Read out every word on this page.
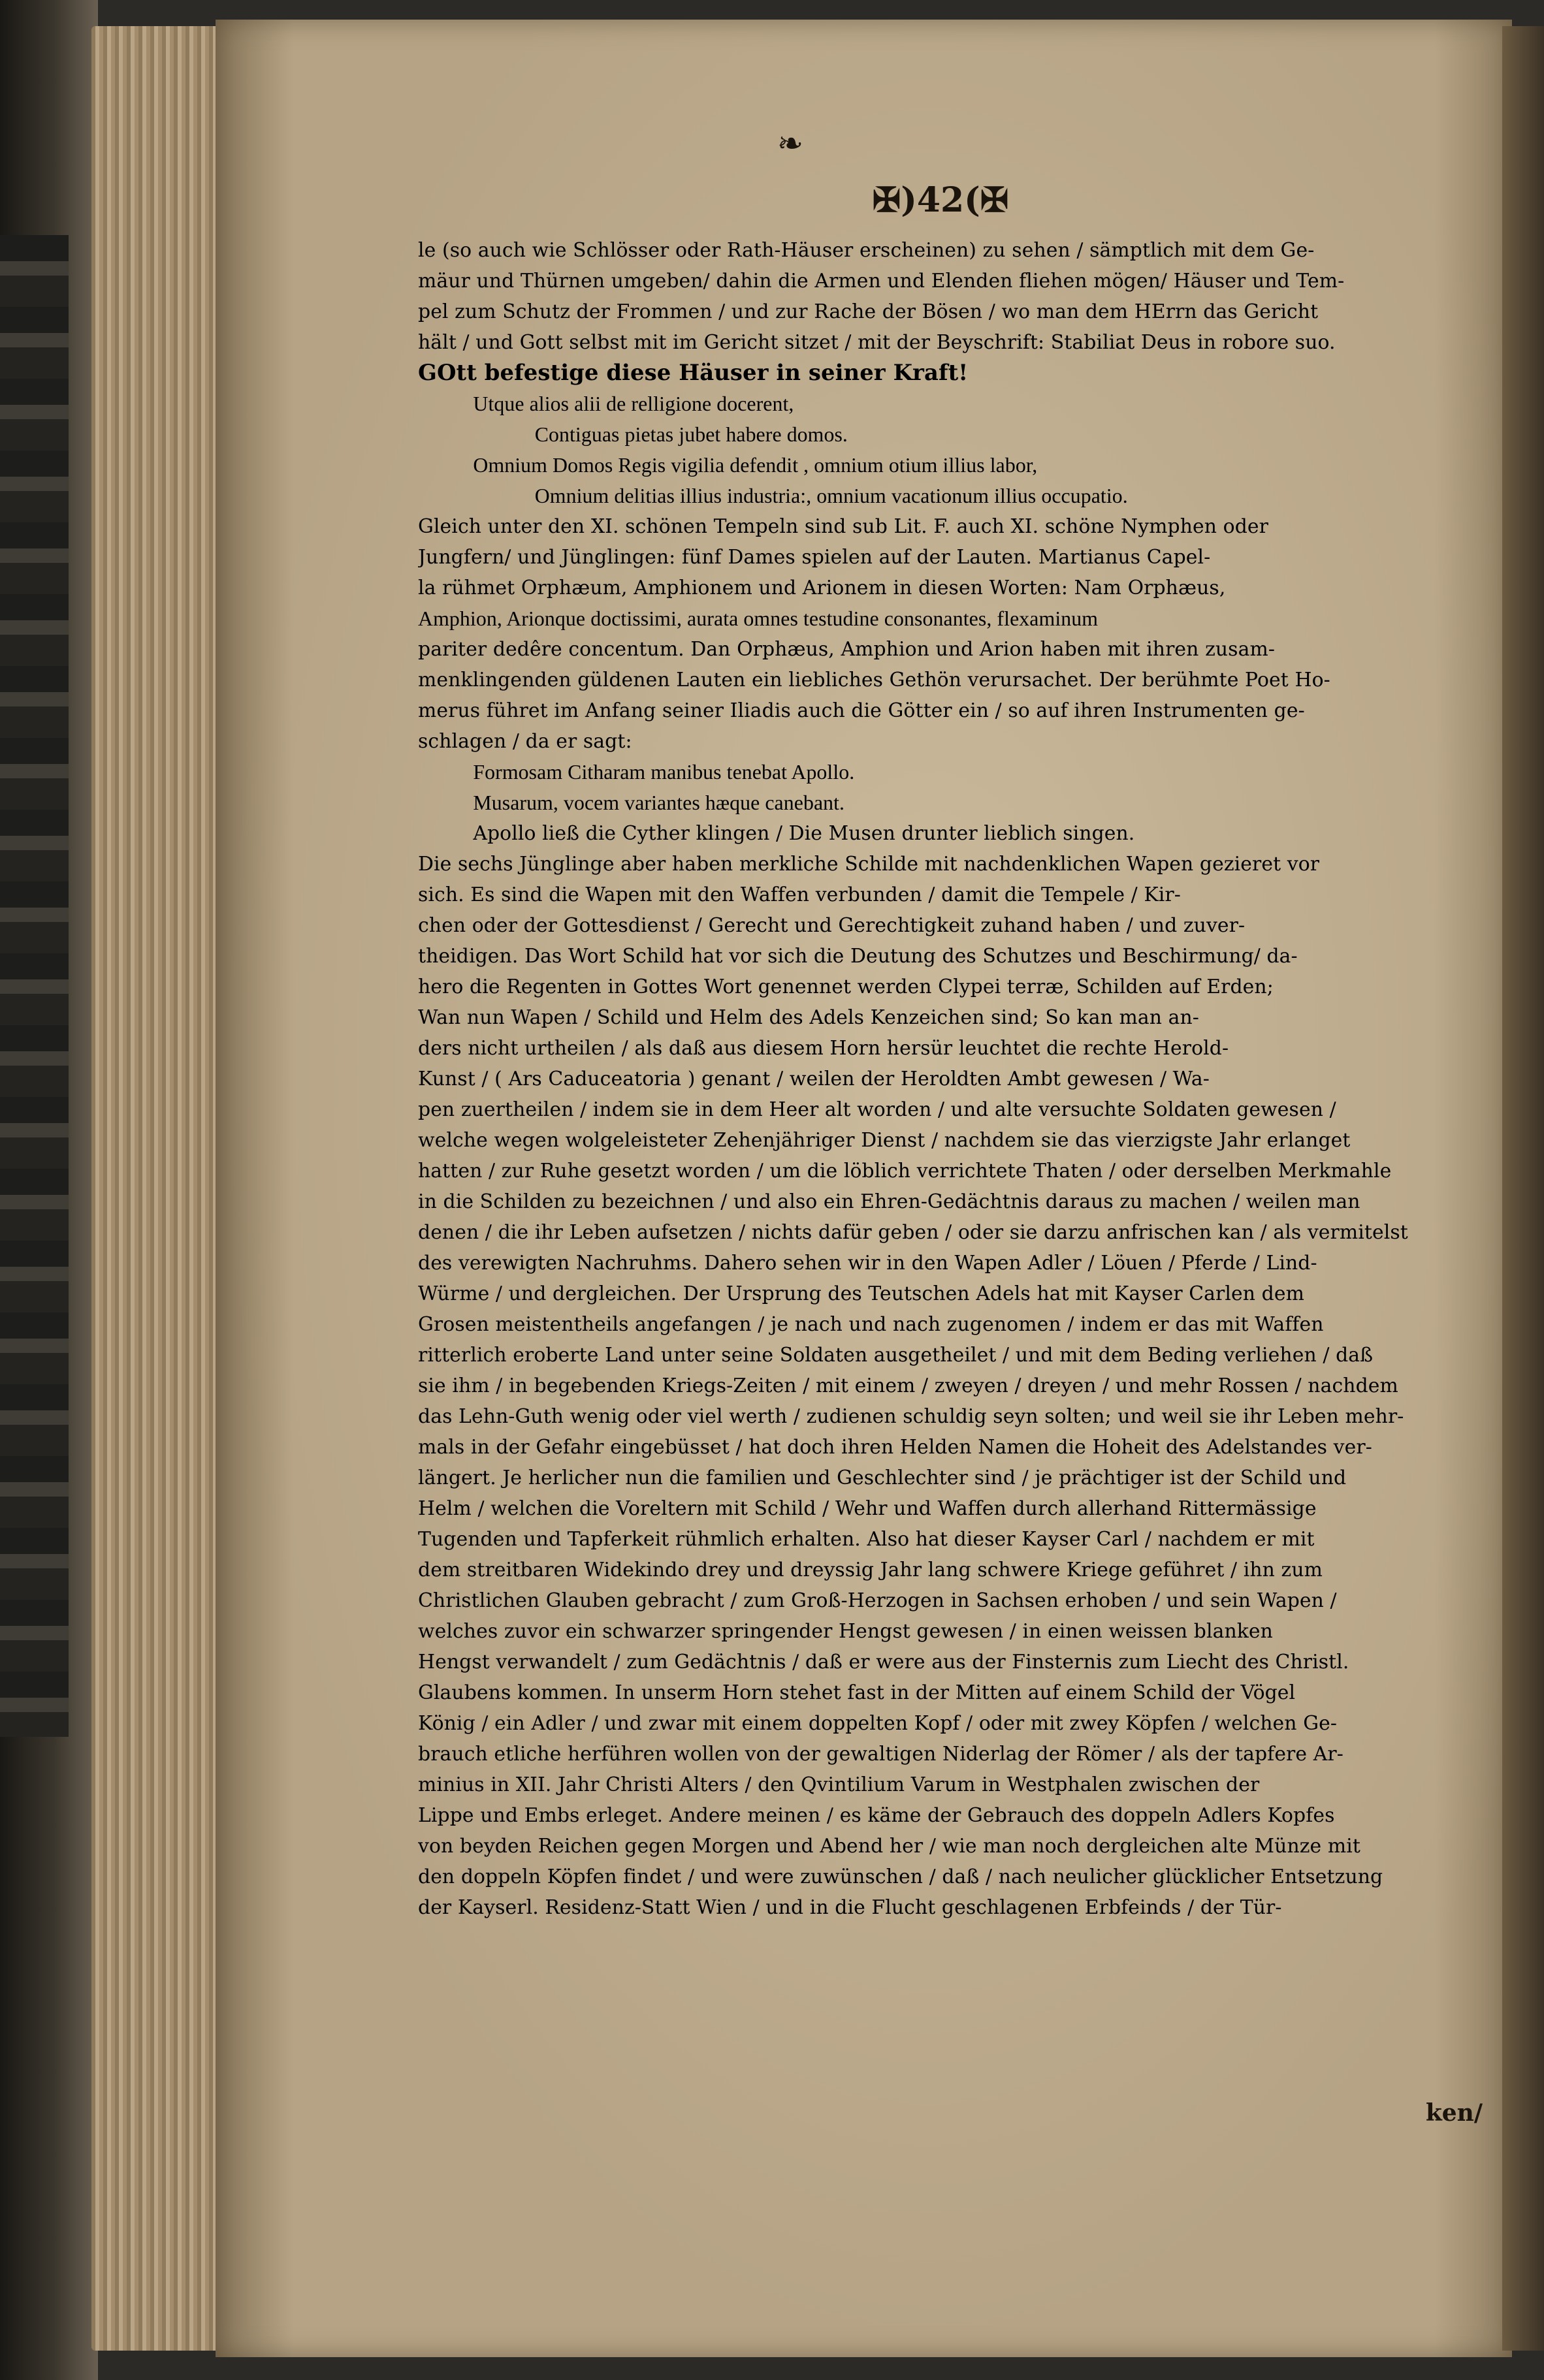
❧
✠)42(✠
le (so auch wie Schlösser oder Rath-Häuser erscheinen) zu sehen / sämptlich mit dem Ge-
mäur und Thürnen umgeben/ dahin die Armen und Elenden fliehen mögen/ Häuser und Tem-
pel zum Schutz der Frommen / und zur Rache der Bösen / wo man dem HErrn das Gericht
hält / und Gott selbst mit im Gericht sitzet / mit der Beyschrift: Stabiliat Deus in robore suo.
GOtt befestige diese Häuser in seiner Kraft!
Utque alios alii de relligione docerent,
Contiguas pietas jubet habere domos.
Omnium Domos Regis vigilia defendit , omnium otium illius labor,
Omnium delitias illius industria:, omnium vacationum illius occupatio.
Gleich unter den XI. schönen Tempeln sind sub Lit. F. auch XI. schöne Nymphen oder
Jungfern/ und Jünglingen: fünf Dames spielen auf der Lauten. Martianus Capel-
la rühmet Orphæum, Amphionem und Arionem in diesen Worten: Nam Orphæus,
Amphion, Arionque doctissimi, aurata omnes testudine consonantes, flexaminum
pariter dedêre concentum. Dan Orphæus, Amphion und Arion haben mit ihren zusam-
menklingenden güldenen Lauten ein liebliches Gethön verursachet. Der berühmte Poet Ho-
merus führet im Anfang seiner Iliadis auch die Götter ein / so auf ihren Instrumenten ge-
schlagen / da er sagt:
Formosam Citharam manibus tenebat Apollo.
Musarum, vocem variantes hæque canebant.
Apollo ließ die Cyther klingen / Die Musen drunter lieblich singen.
Die sechs Jünglinge aber haben merkliche Schilde mit nachdenklichen Wapen gezieret vor
sich. Es sind die Wapen mit den Waffen verbunden / damit die Tempele / Kir-
chen oder der Gottesdienst / Gerecht und Gerechtigkeit zuhand haben / und zuver-
theidigen. Das Wort Schild hat vor sich die Deutung des Schutzes und Beschirmung/ da-
hero die Regenten in Gottes Wort genennet werden Clypei terræ, Schilden auf Erden;
Wan nun Wapen / Schild und Helm des Adels Kenzeichen sind; So kan man an-
ders nicht urtheilen / als daß aus diesem Horn hersür leuchtet die rechte Herold-
Kunst / ( Ars Caduceatoria ) genant / weilen der Heroldten Ambt gewesen / Wa-
pen zuertheilen / indem sie in dem Heer alt worden / und alte versuchte Soldaten gewesen /
welche wegen wolgeleisteter Zehenjähriger Dienst / nachdem sie das vierzigste Jahr erlanget
hatten / zur Ruhe gesetzt worden / um die löblich verrichtete Thaten / oder derselben Merkmahle
in die Schilden zu bezeichnen / und also ein Ehren-Gedächtnis daraus zu machen / weilen man
denen / die ihr Leben aufsetzen / nichts dafür geben / oder sie darzu anfrischen kan / als vermitelst
des verewigten Nachruhms. Dahero sehen wir in den Wapen Adler / Löuen / Pferde / Lind-
Würme / und dergleichen. Der Ursprung des Teutschen Adels hat mit Kayser Carlen dem
Grosen meistentheils angefangen / je nach und nach zugenomen / indem er das mit Waffen
ritterlich eroberte Land unter seine Soldaten ausgetheilet / und mit dem Beding verliehen / daß
sie ihm / in begebenden Kriegs-Zeiten / mit einem / zweyen / dreyen / und mehr Rossen / nachdem
das Lehn-Guth wenig oder viel werth / zudienen schuldig seyn solten; und weil sie ihr Leben mehr-
mals in der Gefahr eingebüsset / hat doch ihren Helden Namen die Hoheit des Adelstandes ver-
längert. Je herlicher nun die familien und Geschlechter sind / je prächtiger ist der Schild und
Helm / welchen die Voreltern mit Schild / Wehr und Waffen durch allerhand Rittermässige
Tugenden und Tapferkeit rühmlich erhalten. Also hat dieser Kayser Carl / nachdem er mit
dem streitbaren Widekindo drey und dreyssig Jahr lang schwere Kriege geführet / ihn zum
Christlichen Glauben gebracht / zum Groß-Herzogen in Sachsen erhoben / und sein Wapen /
welches zuvor ein schwarzer springender Hengst gewesen / in einen weissen blanken
Hengst verwandelt / zum Gedächtnis / daß er were aus der Finsternis zum Liecht des Christl.
Glaubens kommen. In unserm Horn stehet fast in der Mitten auf einem Schild der Vögel
König / ein Adler / und zwar mit einem doppelten Kopf / oder mit zwey Köpfen / welchen Ge-
brauch etliche herführen wollen von der gewaltigen Niderlag der Römer / als der tapfere Ar-
minius in XII. Jahr Christi Alters / den Qvintilium Varum in Westphalen zwischen der
Lippe und Embs erleget. Andere meinen / es käme der Gebrauch des doppeln Adlers Kopfes
von beyden Reichen gegen Morgen und Abend her / wie man noch dergleichen alte Münze mit
den doppeln Köpfen findet / und were zuwünschen / daß / nach neulicher glücklicher Entsetzung
der Kayserl. Residenz-Statt Wien / und in die Flucht geschlagenen Erbfeinds / der Tür-
ken/
